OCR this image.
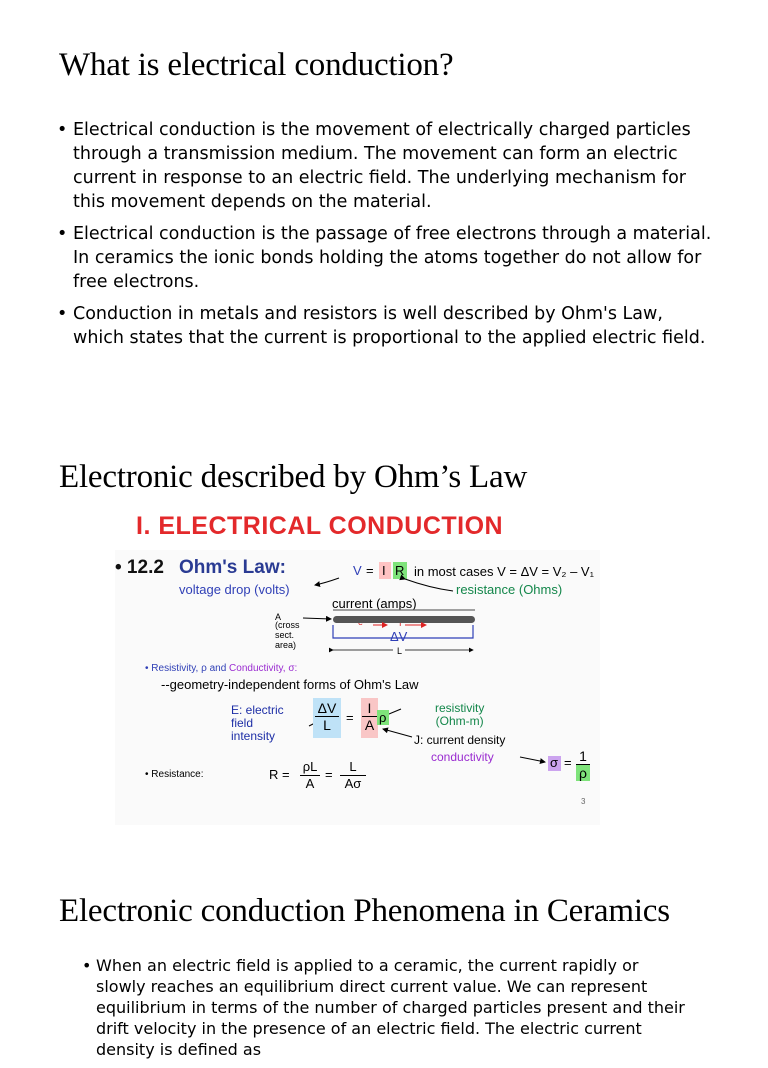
What is electrical conduction?
• Electrical conduction is the movement of electrically charged particles through a transmission medium. The movement can form an electric current in response to an electric field. The underlying mechanism for this movement depends on the material.
• Electrical conduction is the passage of free electrons through a material. In ceramics the ionic bonds holding the atoms together do not allow for free electrons.
• Conduction in metals and resistors is well described by Ohm's Law, which states that the current is proportional to the applied electric field.
Electronic described by Ohm’s Law
I. ELECTRICAL CONDUCTION
• 12.2 Ohm's Law:	V = I R in most cases V = ΔV = V₂ – V₁
voltage drop (volts)	resistance (Ohms)
current (amps)
A
(cross
sect.
area)
ΔV
L
• Resistivity, ρ and Conductivity, σ:
--geometry-independent forms of Ohm's Law
E: electric
field
intensity
$\frac{\Delta V}{L} = \frac{I}{A}$ ρ
resistivity
(Ohm-m)
J: current density
conductivity	$\sigma = \frac{1}{\rho}$
• Resistance:	$R = \frac{\rho L}{A} = \frac{L}{A\sigma}$
3
Electronic conduction Phenomena in Ceramics
• When an electric field is applied to a ceramic, the current rapidly or slowly reaches an equilibrium direct current value. We can represent equilibrium in terms of the number of charged particles present and their drift velocity in the presence of an electric field. The electric current density is defined as
